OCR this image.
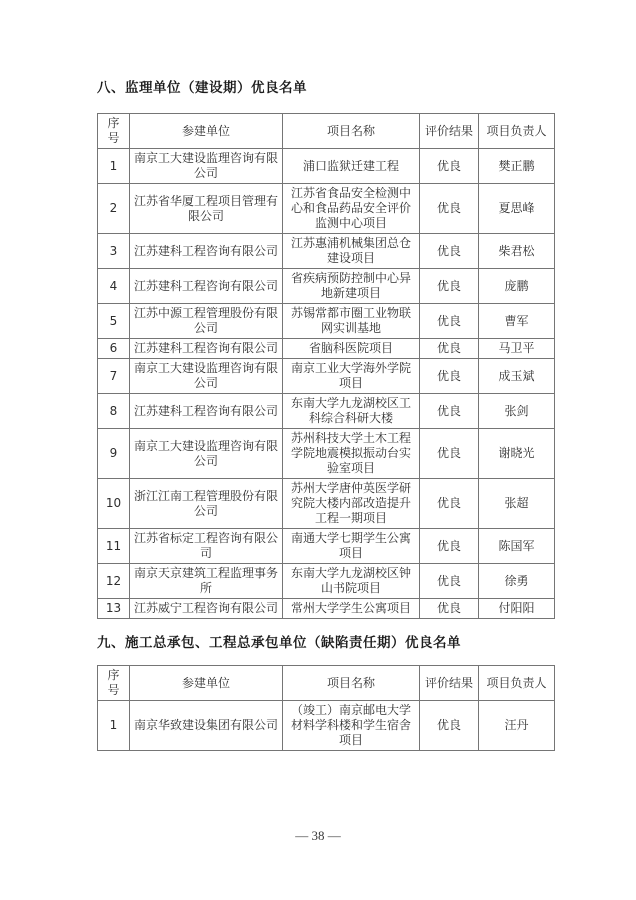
八、监理单位（建设期）优良名单
序号	参建单位	项目名称	评价结果	项目负责人
1	南京工大建设监理咨询有限公司	浦口监狱迁建工程	优良	樊正鹏
2	江苏省华厦工程项目管理有限公司	江苏省食品安全检测中心和食品药品安全评价监测中心项目	优良	夏思峰
3	江苏建科工程咨询有限公司	江苏惠浦机械集团总仓建设项目	优良	柴君松
4	江苏建科工程咨询有限公司	省疾病预防控制中心异地新建项目	优良	庞鹏
5	江苏中源工程管理股份有限公司	苏锡常都市圈工业物联网实训基地	优良	曹军
6	江苏建科工程咨询有限公司	省脑科医院项目	优良	马卫平
7	南京工大建设监理咨询有限公司	南京工业大学海外学院项目	优良	成玉斌
8	江苏建科工程咨询有限公司	东南大学九龙湖校区工科综合科研大楼	优良	张剑
9	南京工大建设监理咨询有限公司	苏州科技大学土木工程学院地震模拟振动台实验室项目	优良	谢晓光
10	浙江江南工程管理股份有限公司	苏州大学唐仲英医学研究院大楼内部改造提升工程一期项目	优良	张超
11	江苏省标定工程咨询有限公司	南通大学七期学生公寓项目	优良	陈国军
12	南京天京建筑工程监理事务所	东南大学九龙湖校区钟山书院项目	优良	徐勇
13	江苏威宁工程咨询有限公司	常州大学学生公寓项目	优良	付阳阳
九、施工总承包、工程总承包单位（缺陷责任期）优良名单
序号	参建单位	项目名称	评价结果	项目负责人
1	南京华致建设集团有限公司	（竣工）南京邮电大学材料学科楼和学生宿舍项目	优良	汪丹
— 38 —
